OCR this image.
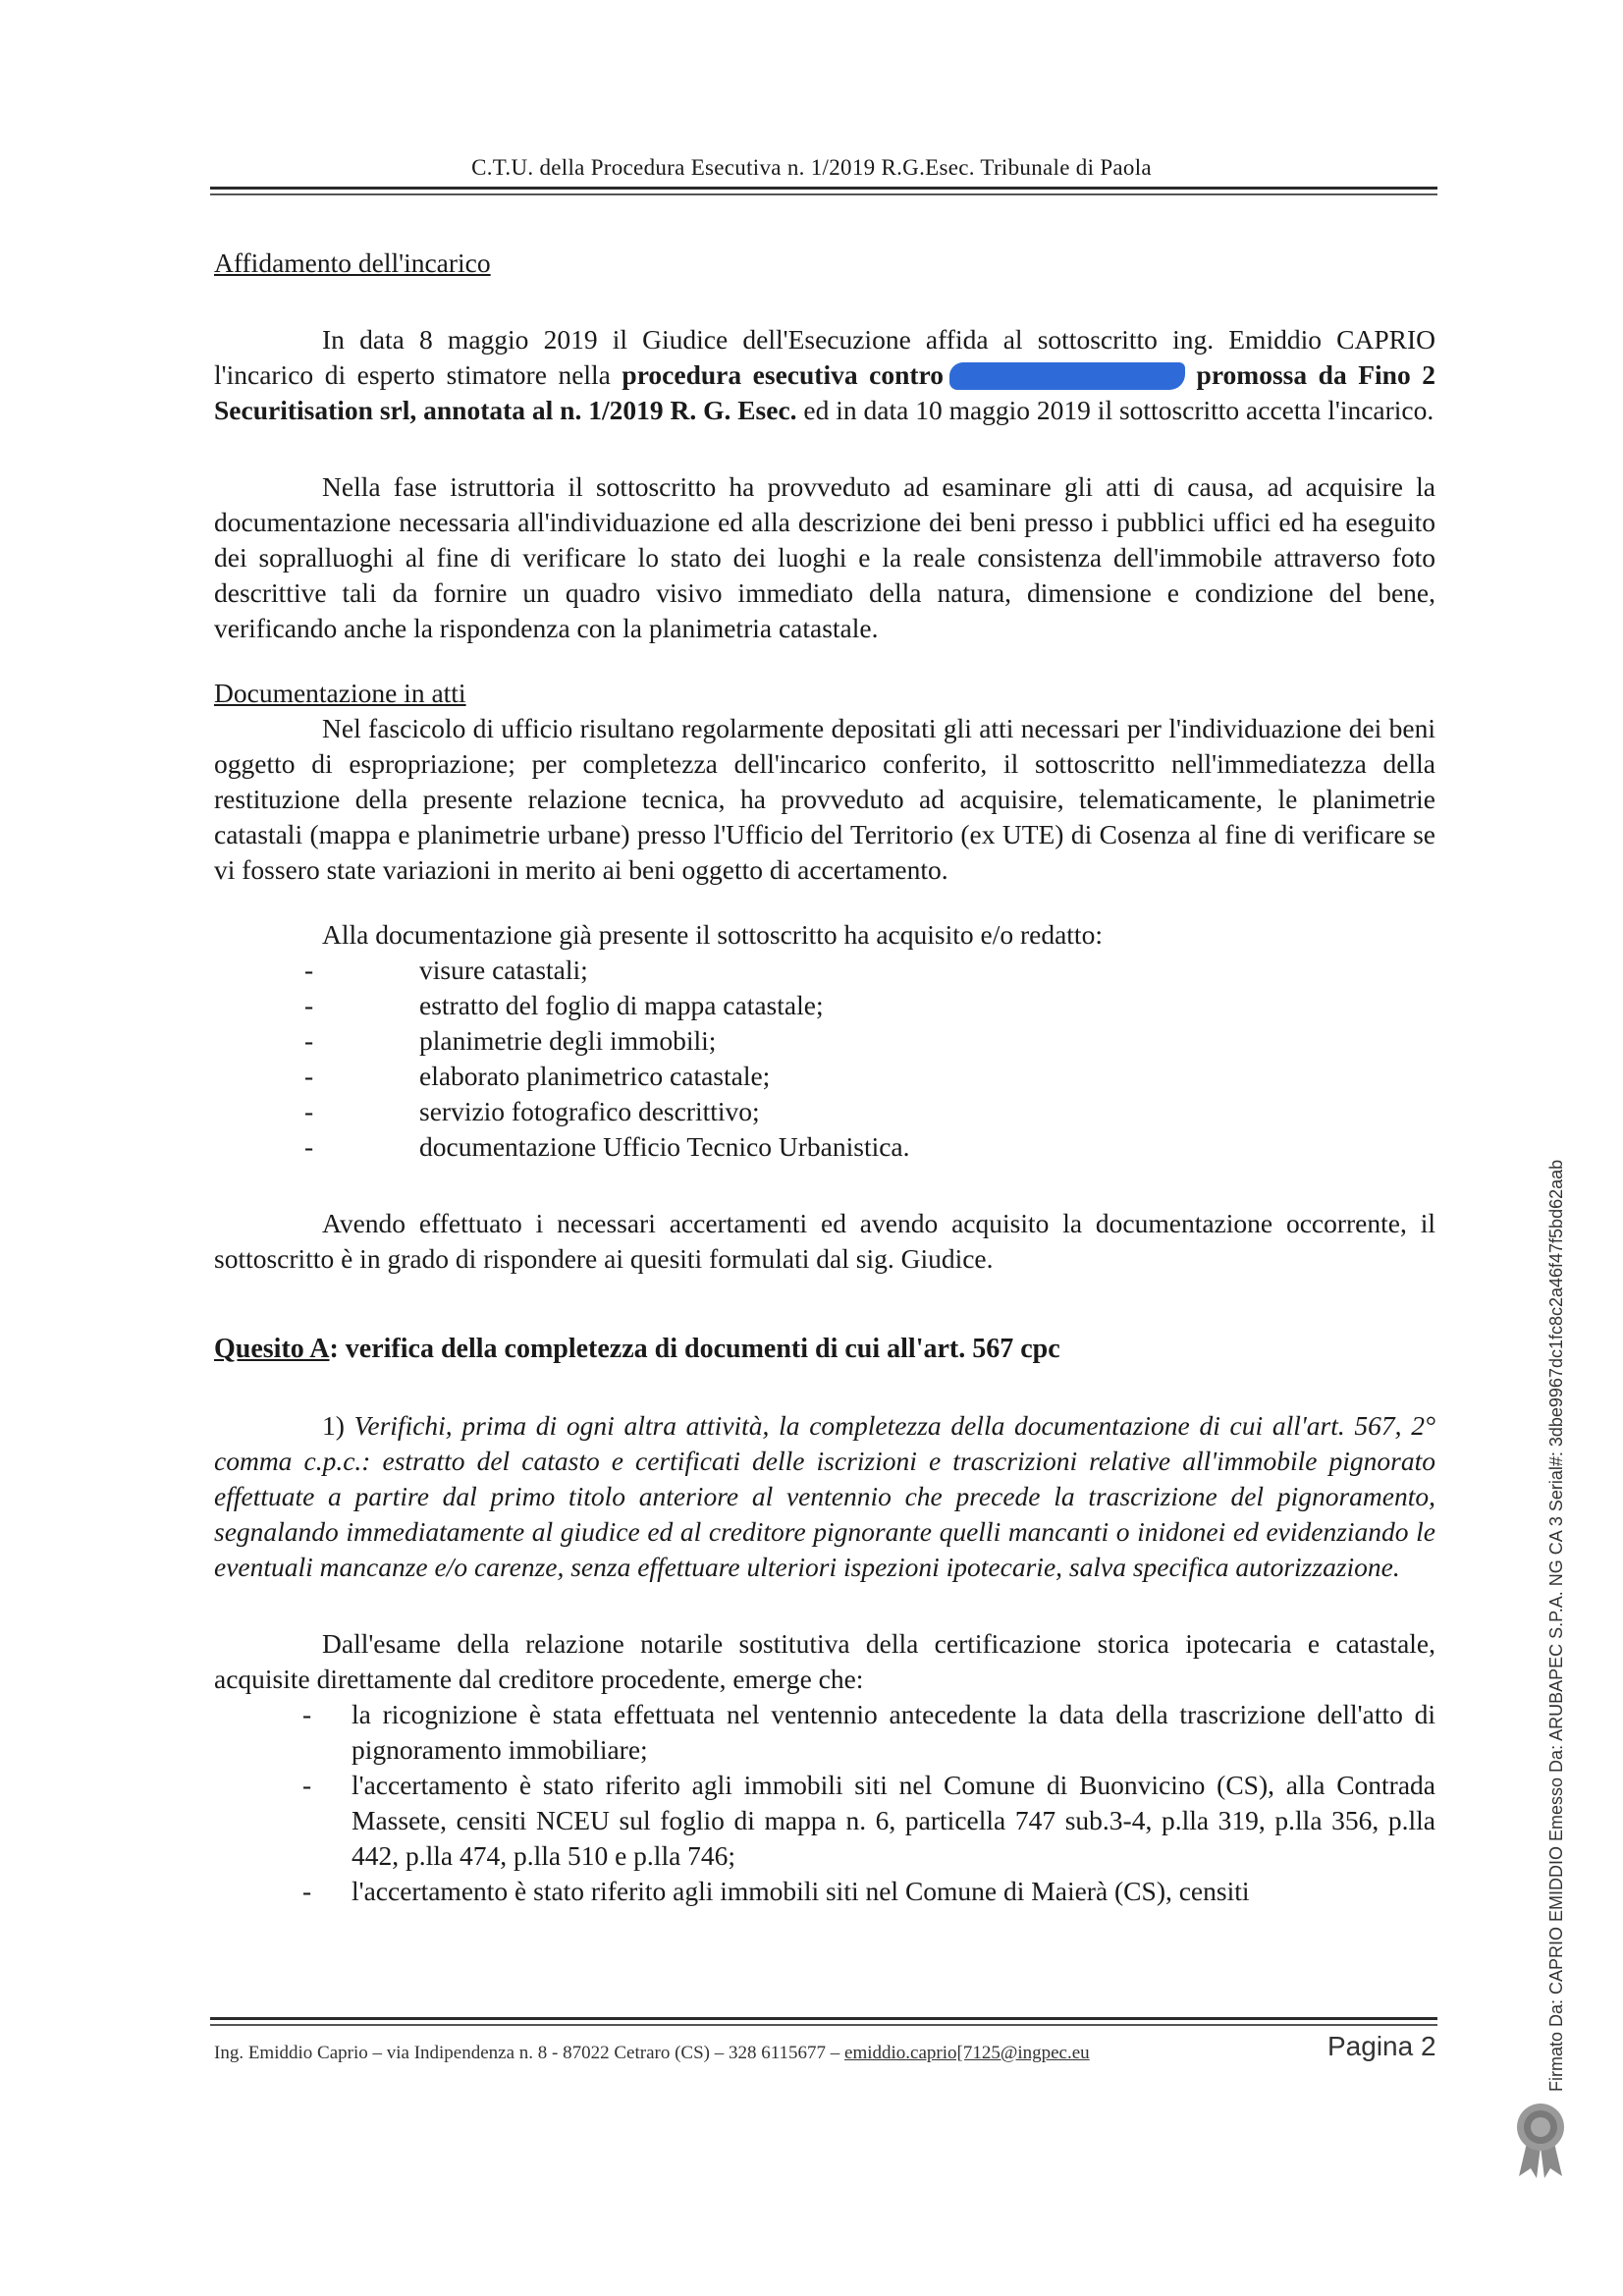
C.T.U. della Procedura Esecutiva n. 1/2019 R.G.Esec. Tribunale di Paola
Affidamento dell'incarico

In data 8 maggio 2019 il Giudice dell'Esecuzione affida al sottoscritto ing. Emiddio CAPRIO l'incarico di esperto stimatore nella procedura esecutiva contro	promossa da Fino 2 Securitisation srl, annotata al n. 1/2019 R. G. Esec. ed in data 10 maggio 2019 il sottoscritto accetta l'incarico.

Nella fase istruttoria il sottoscritto ha provveduto ad esaminare gli atti di causa, ad acquisire la documentazione necessaria all'individuazione ed alla descrizione dei beni presso i pubblici uffici ed ha eseguito dei sopralluoghi al fine di verificare lo stato dei luoghi e la reale consistenza dell'immobile attraverso foto descrittive tali da fornire un quadro visivo immediato della natura, dimensione e condizione del bene, verificando anche la rispondenza con la planimetria catastale.

Documentazione in atti

Nel fascicolo di ufficio risultano regolarmente depositati gli atti necessari per l'individuazione dei beni oggetto di espropriazione; per completezza dell'incarico conferito, il sottoscritto nell'immediatezza della restituzione della presente relazione tecnica, ha provveduto ad acquisire, telematicamente, le planimetrie catastali (mappa e planimetrie urbane) presso l'Ufficio del Territorio (ex UTE) di Cosenza al fine di verificare se vi fossero state variazioni in merito ai beni oggetto di accertamento.

Alla documentazione già presente il sottoscritto ha acquisito e/o redatto:

- visure catastali;
- estratto del foglio di mappa catastale;
- planimetrie degli immobili;
- elaborato planimetrico catastale;
- servizio fotografico descrittivo;
- documentazione Ufficio Tecnico Urbanistica.

Avendo effettuato i necessari accertamenti ed avendo acquisito la documentazione occorrente, il sottoscritto è in grado di rispondere ai quesiti formulati dal sig. Giudice.

Quesito A: verifica della completezza di documenti di cui all'art. 567 cpc

1) Verifichi, prima di ogni altra attività, la completezza della documentazione di cui all'art. 567, 2° comma c.p.c.: estratto del catasto e certificati delle iscrizioni e trascrizioni relative all'immobile pignorato effettuate a partire dal primo titolo anteriore al ventennio che precede la trascrizione del pignoramento, segnalando immediatamente al giudice ed al creditore pignorante quelli mancanti o inidonei ed evidenziando le eventuali mancanze e/o carenze, senza effettuare ulteriori ispezioni ipotecarie, salva specifica autorizzazione.

Dall'esame della relazione notarile sostitutiva della certificazione storica ipotecaria e catastale, acquisite direttamente dal creditore procedente, emerge che:

- la ricognizione è stata effettuata nel ventennio antecedente la data della trascrizione dell'atto di pignoramento immobiliare;
- l'accertamento è stato riferito agli immobili siti nel Comune di Buonvicino (CS), alla Contrada Massete, censiti NCEU sul foglio di mappa n. 6, particella 747 sub.3-4, p.lla 319, p.lla 356, p.lla 442, p.lla 474, p.lla 510 e p.lla 746;
- l'accertamento è stato riferito agli immobili siti nel Comune di Maierà (CS), censiti
Ing. Emiddio Caprio – via Indipendenza n. 8 - 87022 Cetraro (CS) – 328 6115677 – emiddio.caprio[7125@ingpec.eu	Pagina 2	Firmato Da: CAPRIO EMIDDIO Emesso Da: ARUBAPEC S.P.A. NG CA 3 Serial#: 3dbe9967dc1fc8c2a46f47f5bd62aab
